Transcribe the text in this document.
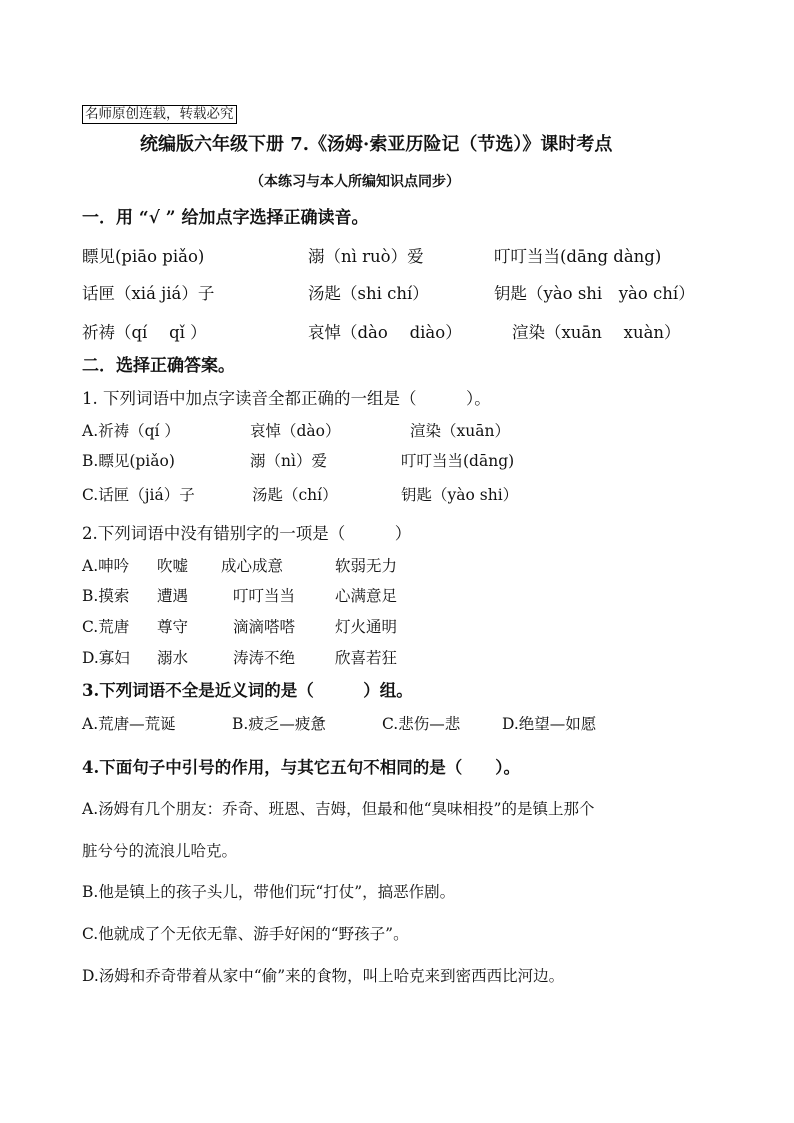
名师原创连载，转载必究
统编版六年级下册 7.《汤姆·索亚历险记（节选）》课时考点
（本练习与本人所编知识点同步）
一．用 “√ ” 给加点字选择正确读音。
瞟见(piāo piǎo)	溺（nì ruò）爱	叮叮当当(dāng dàng)
话匣（xiá jiá）子	汤匙（shi chí）	钥匙（yào shi　yào chí）
祈祷（qí　 qǐ ）	哀悼（dào　 diào）	渲染（xuān　 xuàn）
二．选择正确答案。
1. 下列词语中加点字读音全都正确的一组是（　　　）。
A.祈祷（qí ）	哀悼（dào）	渲染（xuān）
B.瞟见(piǎo)	溺（nì）爱	叮叮当当(dāng)
C.话匣（jiá）子	汤匙（chí）	钥匙（yào shi）
2.下列词语中没有错别字的一项是（　　　）
A.呻吟 吹嘘 成心成意	软弱无力
B.摸索 遭遇	叮叮当当	心满意足
C.荒唐 尊守	滴滴嗒嗒	灯火通明
D.寡妇 溺水	涛涛不绝	欣喜若狂
3.下列词语不全是近义词的是（　　　）组。
A.荒唐—荒诞	B.疲乏—疲惫	C.悲伤—悲	D.绝望—如愿
4.下面句子中引号的作用，与其它五句不相同的是（　　）。
A.汤姆有几个朋友：乔奇、班恩、吉姆，但最和他“臭味相投”的是镇上那个
脏兮兮的流浪儿哈克。
B.他是镇上的孩子头儿，带他们玩“打仗”，搞恶作剧。
C.他就成了个无依无靠、游手好闲的“野孩子”。
D.汤姆和乔奇带着从家中“偷”来的食物，叫上哈克来到密西西比河边。
